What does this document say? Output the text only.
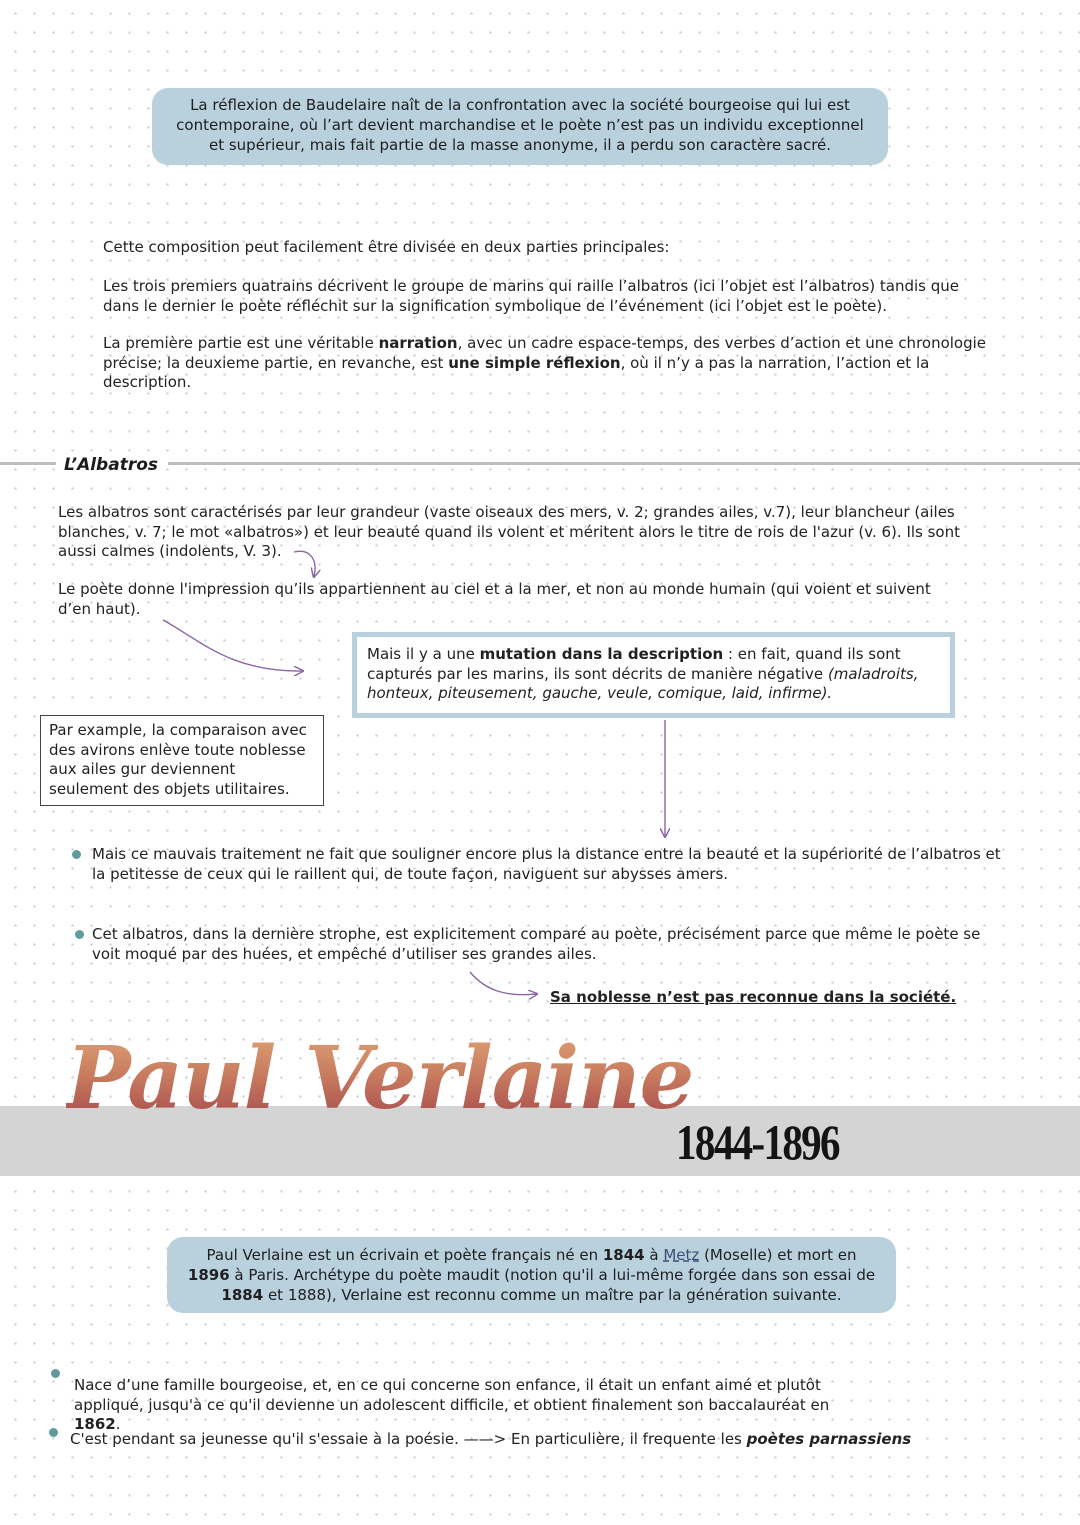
La réflexion de Baudelaire naît de la confrontation avec la société bourgeoise qui lui est contemporaine, où l’art devient marchandise et le poète n’est pas un individu exceptionnel et supérieur, mais fait partie de la masse anonyme, il a perdu son caractère sacré.
Cette composition peut facilement être divisée en deux parties principales:
Les trois premiers quatrains décrivent le groupe de marins qui raille l’albatros (ici l’objet est l’albatros) tandis que dans le dernier le poète réfléchit sur la signification symbolique de l’événement (ici l’objet est le poète).
La première partie est une véritable narration, avec un cadre espace-temps, des verbes d’action et une chronologie précise; la deuxieme partie, en revanche, est une simple réflexion, où il n’y a pas la narration, l’action et la description.
L’Albatros
Les albatros sont caractérisés par leur grandeur (vaste oiseaux des mers, v. 2; grandes ailes, v.7), leur blancheur (ailes blanches, v. 7; le mot «albatros») et leur beauté quand ils volent et méritent alors le titre de rois de l'azur (v. 6). Ils sont aussi calmes (indolents, V. 3).
Le poète donne l'impression qu’ils appartiennent au ciel et a la mer, et non au monde humain (qui voient et suivent d’en haut).
Mais il y a une mutation dans la description : en fait, quand ils sont capturés par les marins, ils sont décrits de manière négative (maladroits, honteux, piteusement, gauche, veule, comique, laid, infirme).
Par example, la comparaison avec des avirons enlève toute noblesse aux ailes gur deviennent seulement des objets utilitaires.
Mais ce mauvais traitement ne fait que souligner encore plus la distance entre la beauté et la supériorité de l’albatros et la petitesse de ceux qui le raillent qui, de toute façon, naviguent sur abysses amers.
Cet albatros, dans la dernière strophe, est explicitement comparé au poète, précisément parce que même le poète se voit moqué par des huées, et empêché d’utiliser ses grandes ailes.
Sa noblesse n’est pas reconnue dans la société.
Paul Verlaine
1844-1896
Paul Verlaine est un écrivain et poète français né en 1844 à Metz (Moselle) et mort en 1896 à Paris. Archétype du poète maudit (notion qu'il a lui-même forgée dans son essai de 1884 et 1888), Verlaine est reconnu comme un maître par la génération suivante.
Nace d’une famille bourgeoise, et, en ce qui concerne son enfance, il était un enfant aimé et plutôt appliqué, jusqu'à ce qu'il devienne un adolescent difficile, et obtient finalement son baccalauréat en 1862.
C'est pendant sa jeunesse qu'il s'essaie à la poésie. ——> En particulière, il frequente les poètes parnassiens
